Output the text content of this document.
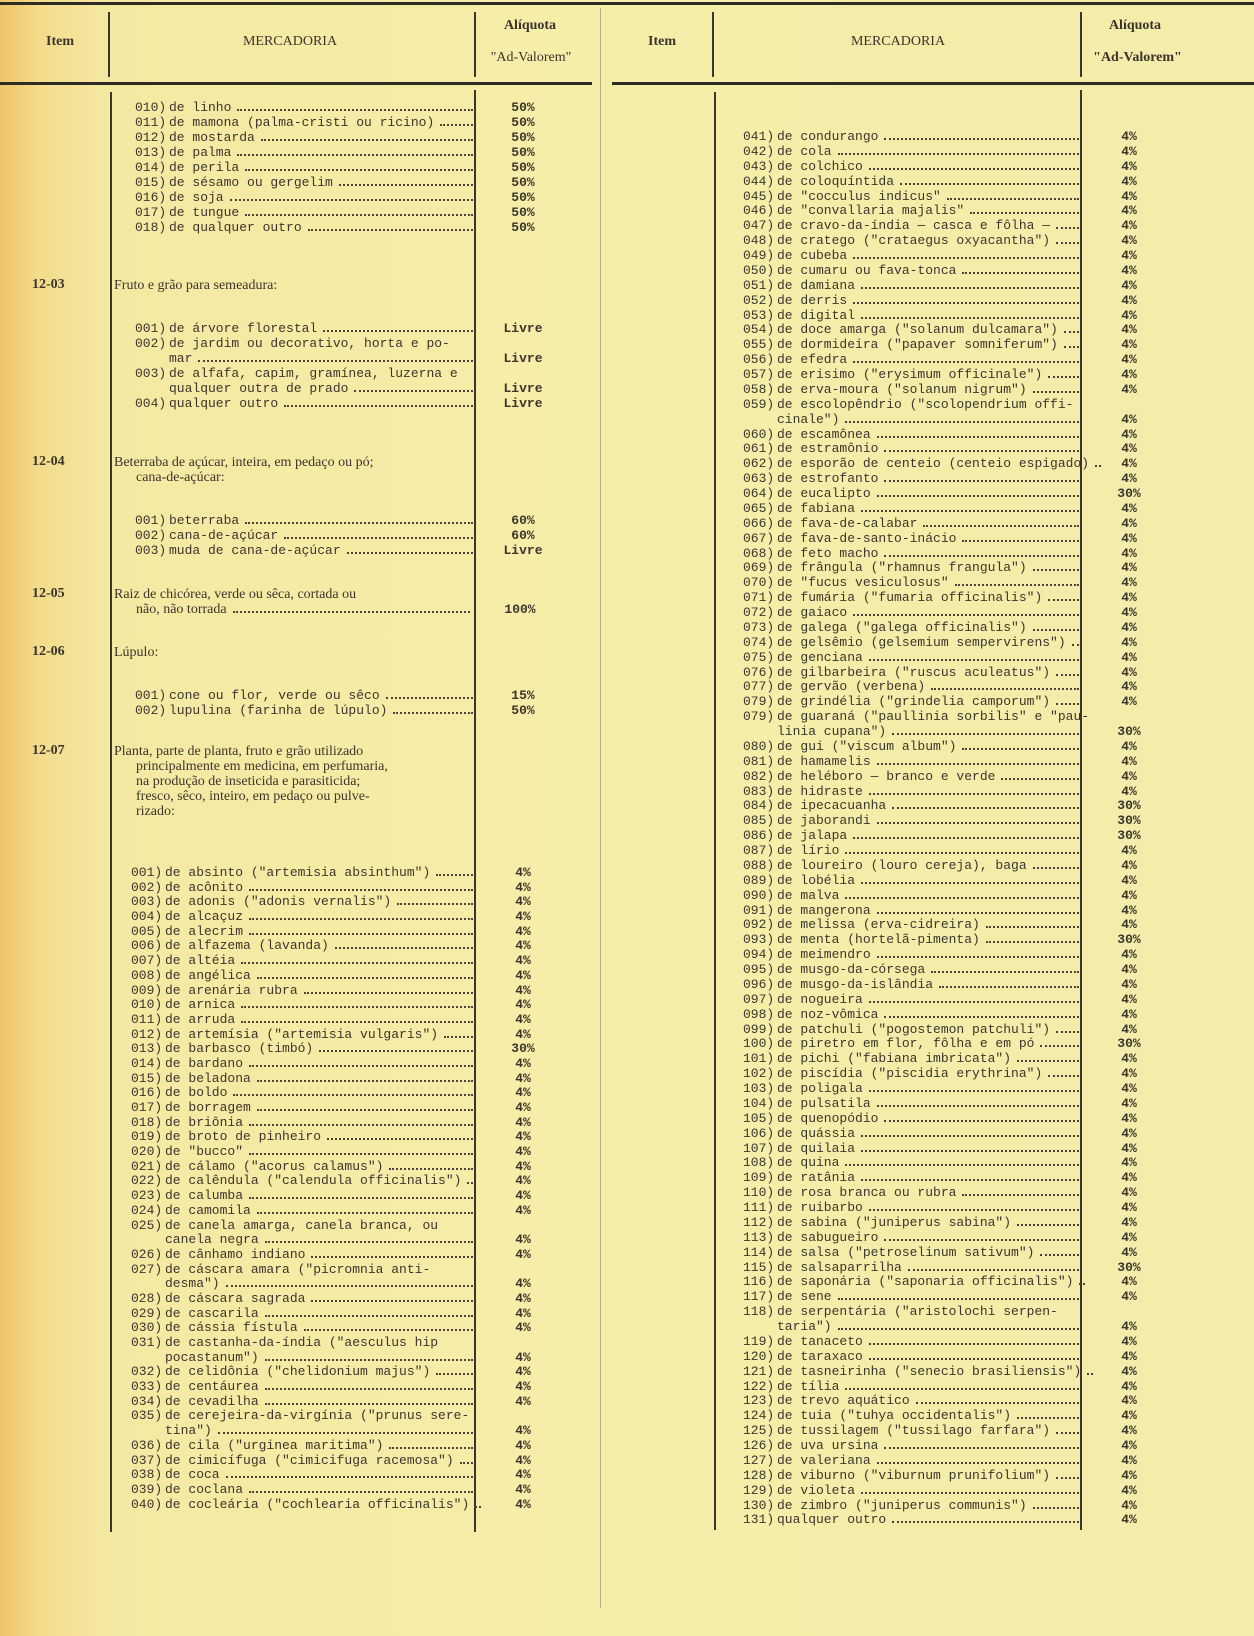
Item	MERCADORIA
Alíquota
"Ad-Valorem"
Item	MERCADORIA
Alíquota
"Ad-Valorem"
010) de linho	50%
011) de mamona (palma-cristi ou ricino)	50%
012) de mostarda	50%
013) de palma	50%
014) de perila	50%
015) de sésamo ou gergelim	50%
016) de soja	50%
017) de tungue	50%
018) de qualquer outro	50%
12-03	Fruto e grão para semeadura:
001) de árvore florestal	Livre
002) de jardim ou decorativo, horta e po-
mar	Livre
003) de alfafa, capim, gramínea, luzerna e
qualquer outra de prado	Livre
004) qualquer outro	Livre
12-04	Beterraba de açúcar, inteira, em pedaço ou pó;
cana-de-açúcar:
001) beterraba	60%
002) cana-de-açúcar	60%
003) muda de cana-de-açúcar	Livre
12-05	Raiz de chicórea, verde ou sêca, cortada ou
não, não torrada	100%
12-06	Lúpulo:
001) cone ou flor, verde ou sêco	15%
002) lupulina (farinha de lúpulo)	50%
12-07	Planta, parte de planta, fruto e grão utilizado
principalmente em medicina, em perfumaria,
na produção de inseticida e parasiticida;
fresco, sêco, inteiro, em pedaço ou pulve-
rizado:
001) de absinto ("artemisia absinthum")	4%
002) de acônito	4%
003) de adonis ("adonis vernalis")	4%
004) de alcaçuz	4%
005) de alecrim	4%
006) de alfazema (lavanda)	4%
007) de altéia	4%
008) de angélica	4%
009) de arenária rubra	4%
010) de arnica	4%
011) de arruda	4%
012) de artemísia ("artemisia vulgaris")	4%
013) de barbasco (timbó)	30%
014) de bardano	4%
015) de beladona	4%
016) de boldo	4%
017) de borragem	4%
018) de briônia	4%
019) de broto de pinheiro	4%
020) de "bucco"	4%
021) de cálamo ("acorus calamus")	4%
022) de calêndula ("calendula officinalis")	4%
023) de calumba	4%
024) de camomila	4%
025) de canela amarga, canela branca, ou
canela negra	4%
026) de cânhamo indiano	4%
027) de cáscara amara ("picromnia anti-
desma")	4%
028) de cáscara sagrada	4%
029) de cascarila	4%
030) de cássia fístula	4%
031) de castanha-da-índia ("aesculus hip
pocastanum")	4%
032) de celidônia ("chelidonium majus")	4%
033) de centáurea	4%
034) de cevadilha	4%
035) de cerejeira-da-virgínia ("prunus sere-
tina")	4%
036) de cila ("urginea maritima")	4%
037) de cimicífuga ("cimicifuga racemosa")	4%
038) de coca	4%
039) de coclana	4%
040) de cocleária ("cochlearia officinalis")	4%
041) de condurango	4%
042) de cola	4%
043) de colchico	4%
044) de coloquíntida	4%
045) de "cocculus indicus"	4%
046) de "convallaria majalis"	4%
047) de cravo-da-índia — casca e fôlha —	4%
048) de cratego ("crataegus oxyacantha")	4%
049) de cubeba	4%
050) de cumaru ou fava-tonca	4%
051) de damiana	4%
052) de derris	4%
053) de digital	4%
054) de doce amarga ("solanum dulcamara")	4%
055) de dormideira ("papaver somniferum")	4%
056) de efedra	4%
057) de erisimo ("erysimum officinale")	4%
058) de erva-moura ("solanum nigrum")	4%
059) de escolopêndrio ("scolopendrium offi-
cinale")	4%
060) de escamônea	4%
061) de estramônio	4%
062) de esporão de centeio (centeio espigado)	4%
063) de estrofanto	4%
064) de eucalipto	30%
065) de fabiana	4%
066) de fava-de-calabar	4%
067) de fava-de-santo-inácio	4%
068) de feto macho	4%
069) de frângula ("rhamnus frangula")	4%
070) de "fucus vesiculosus"	4%
071) de fumária ("fumaria officinalis")	4%
072) de gaiaco	4%
073) de galega ("galega officinalis")	4%
074) de gelsêmio (gelsemium sempervirens")	4%
075) de genciana	4%
076) de gilbarbeira ("ruscus aculeatus")	4%
077) de gervão (verbena)	4%
079) de grindélia ("grindelia camporum")	4%
079) de guaraná ("paullinia sorbilis" e "pau-
linia cupana")	30%
080) de gui ("viscum album")	4%
081) de hamamelis	4%
082) de heléboro — branco e verde	4%
083) de hidraste	4%
084) de ipecacuanha	30%
085) de jaborandi	30%
086) de jalapa	30%
087) de lírio	4%
088) de loureiro (louro cereja), baga	4%
089) de lobélia	4%
090) de malva	4%
091) de mangerona	4%
092) de melissa (erva-cidreira)	4%
093) de menta (hortelã-pimenta)	30%
094) de meimendro	4%
095) de musgo-da-córsega	4%
096) de musgo-da-islândia	4%
097) de nogueira	4%
098) de noz-vômica	4%
099) de patchuli ("pogostemon patchuli")	4%
100) de piretro em flor, fôlha e em pó	30%
101) de pichi ("fabiana imbricata")	4%
102) de piscídia ("piscidia erythrina")	4%
103) de poligala	4%
104) de pulsatila	4%
105) de quenopódio	4%
106) de quássia	4%
107) de quilaia	4%
108) de quina	4%
109) de ratânia	4%
110) de rosa branca ou rubra	4%
111) de ruibarbo	4%
112) de sabina ("juniperus sabina")	4%
113) de sabugueiro	4%
114) de salsa ("petroselinum sativum")	4%
115) de salsaparrilha	30%
116) de saponária ("saponaria officinalis")	4%
117) de sene	4%
118) de serpentária ("aristolochi serpen-
taria")	4%
119) de tanaceto	4%
120) de taraxaco	4%
121) de tasneirinha ("senecio brasiliensis")	4%
122) de tília	4%
123) de trevo aquático	4%
124) de tuia ("tuhya occidentalis")	4%
125) de tussilagem ("tussilago farfara")	4%
126) de uva ursina	4%
127) de valeriana	4%
128) de viburno ("viburnum prunifolium")	4%
129) de violeta	4%
130) de zimbro ("juniperus communis")	4%
131) qualquer outro	4%
